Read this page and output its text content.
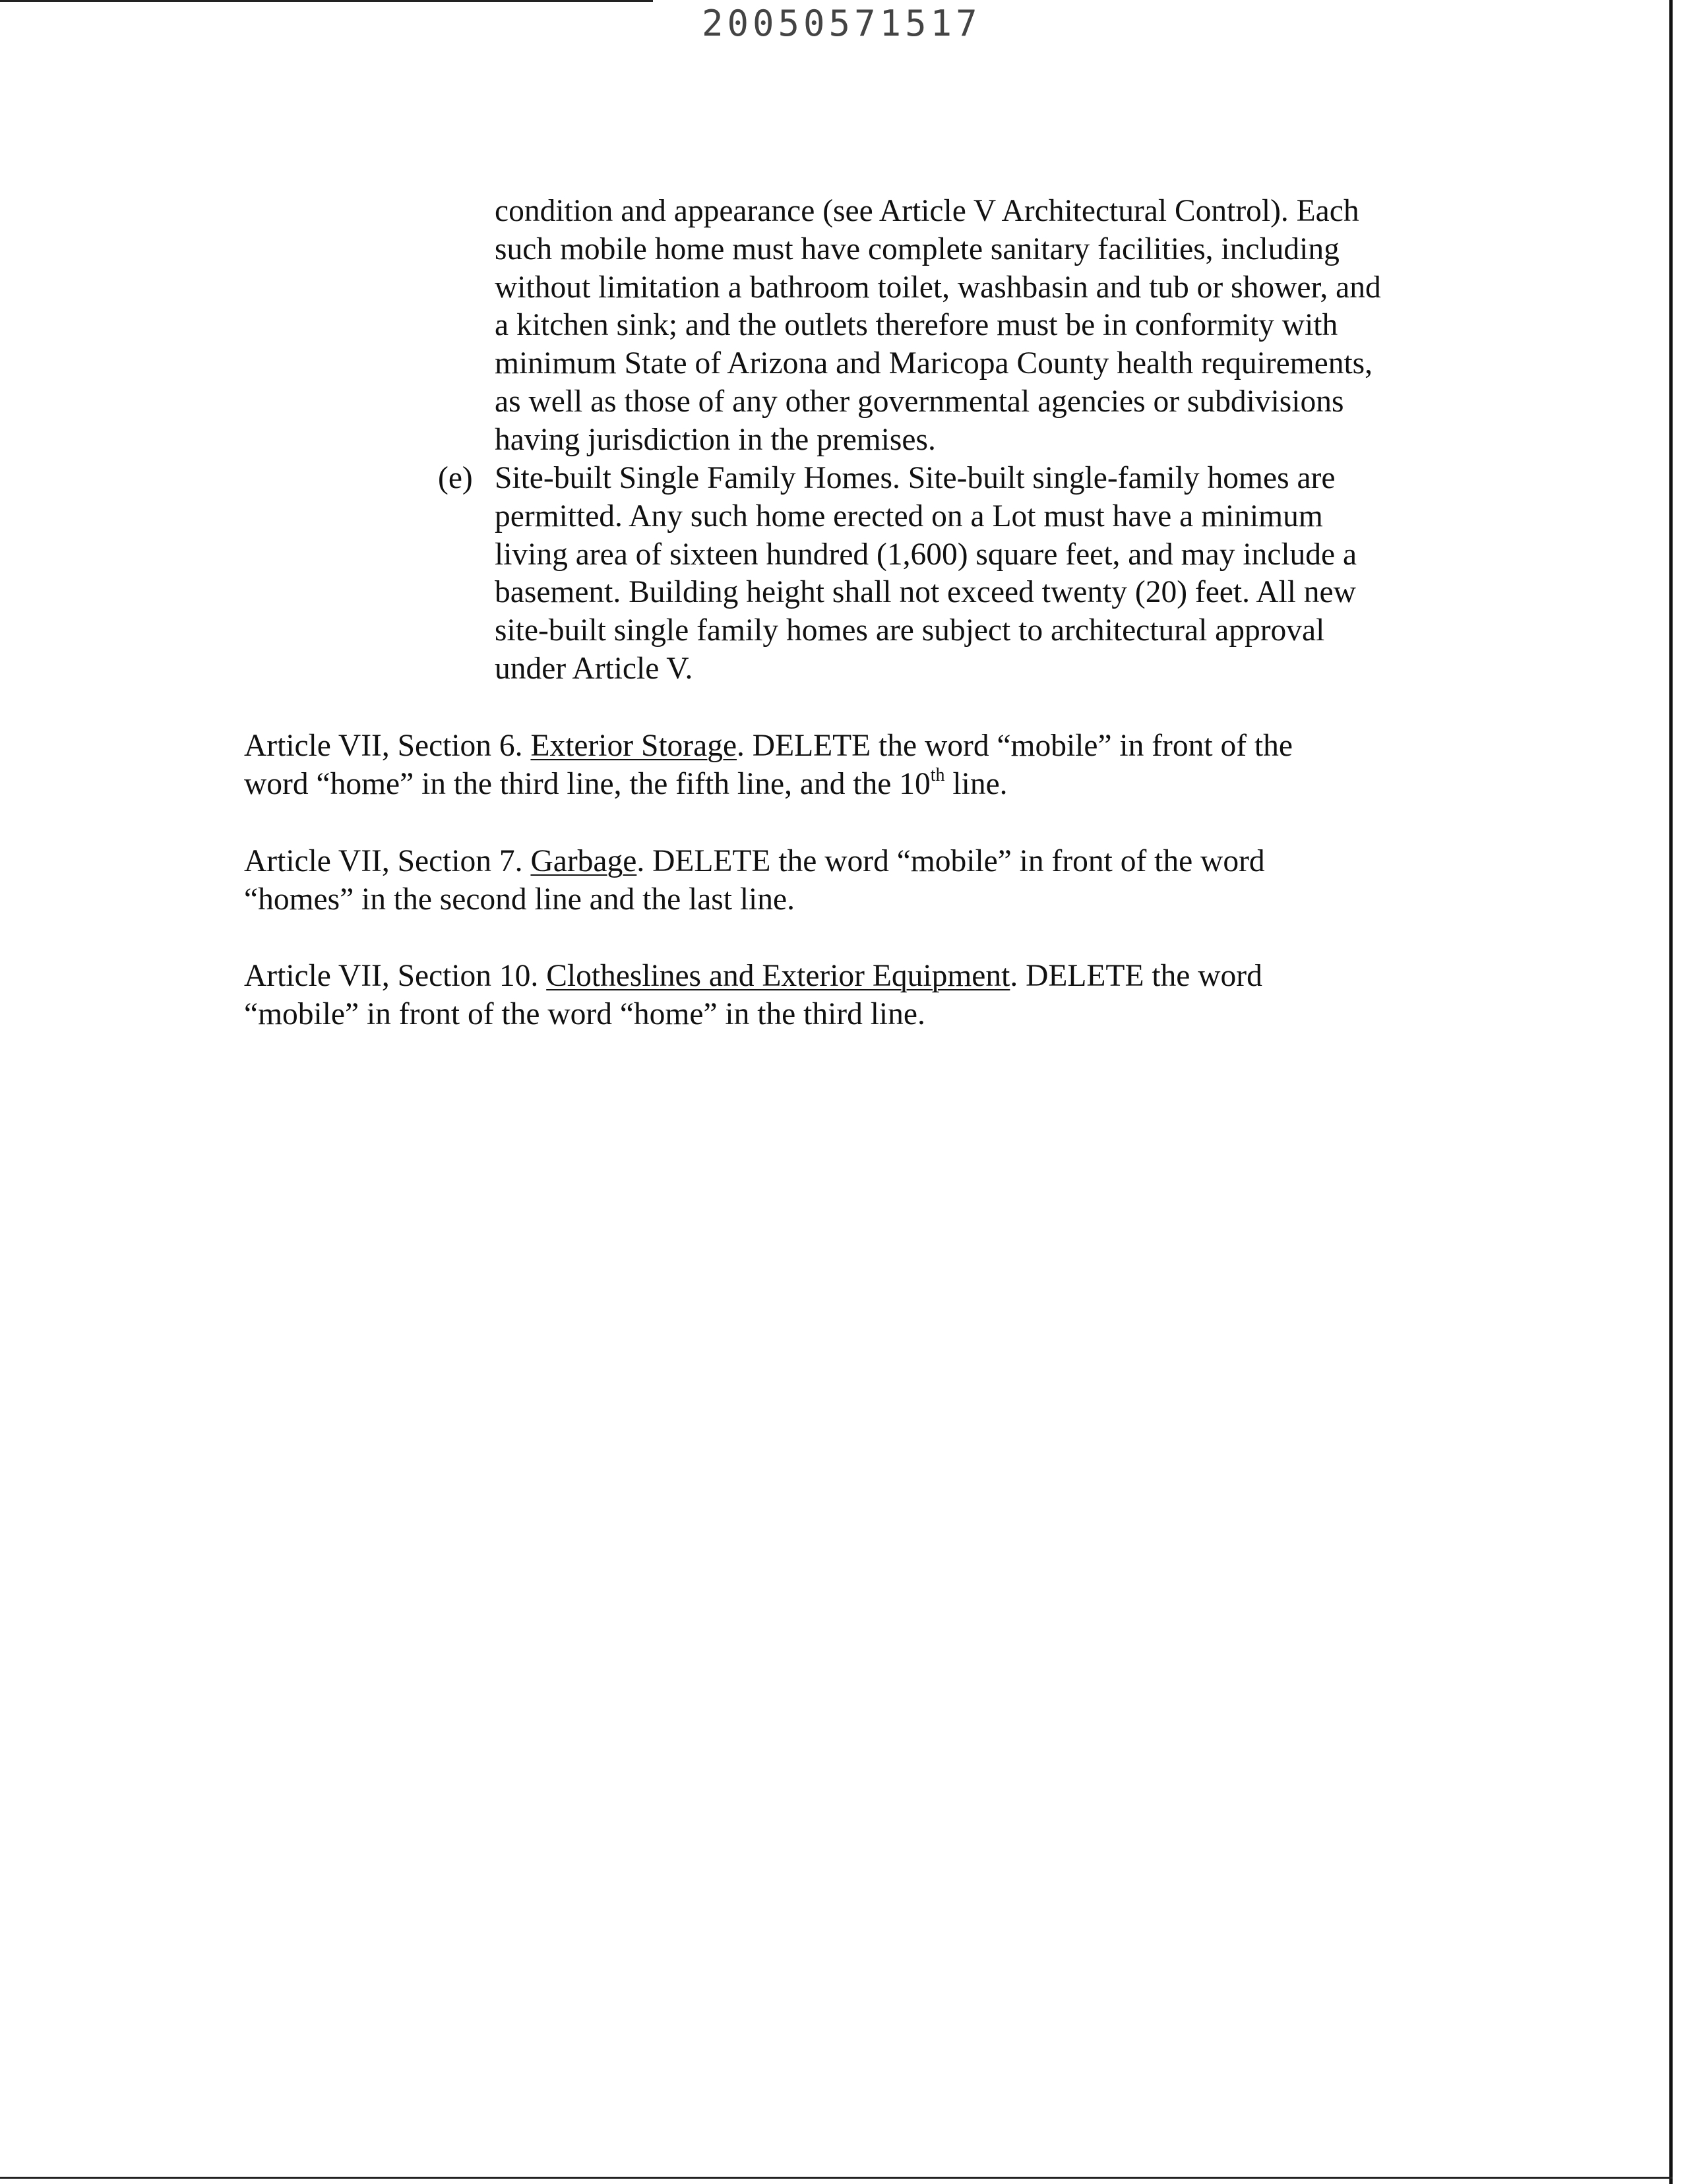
20050571517
condition and appearance (see Article V Architectural Control). Each
such mobile home must have complete sanitary facilities, including
without limitation a bathroom toilet, washbasin and tub or shower, and
a kitchen sink; and the outlets therefore must be in conformity with
minimum State of Arizona and Maricopa County health requirements,
as well as those of any other governmental agencies or subdivisions
having jurisdiction in the premises.
(e) Site-built Single Family Homes. Site-built single-family homes are
permitted. Any such home erected on a Lot must have a minimum
living area of sixteen hundred (1,600) square feet, and may include a
basement. Building height shall not exceed twenty (20) feet. All new
site-built single family homes are subject to architectural approval
under Article V.
Article VII, Section 6. Exterior Storage. DELETE the word “mobile” in front of the
word “home” in the third line, the fifth line, and the 10th line.
Article VII, Section 7. Garbage. DELETE the word “mobile” in front of the word
“homes” in the second line and the last line.
Article VII, Section 10. Clotheslines and Exterior Equipment. DELETE the word
“mobile” in front of the word “home” in the third line.
